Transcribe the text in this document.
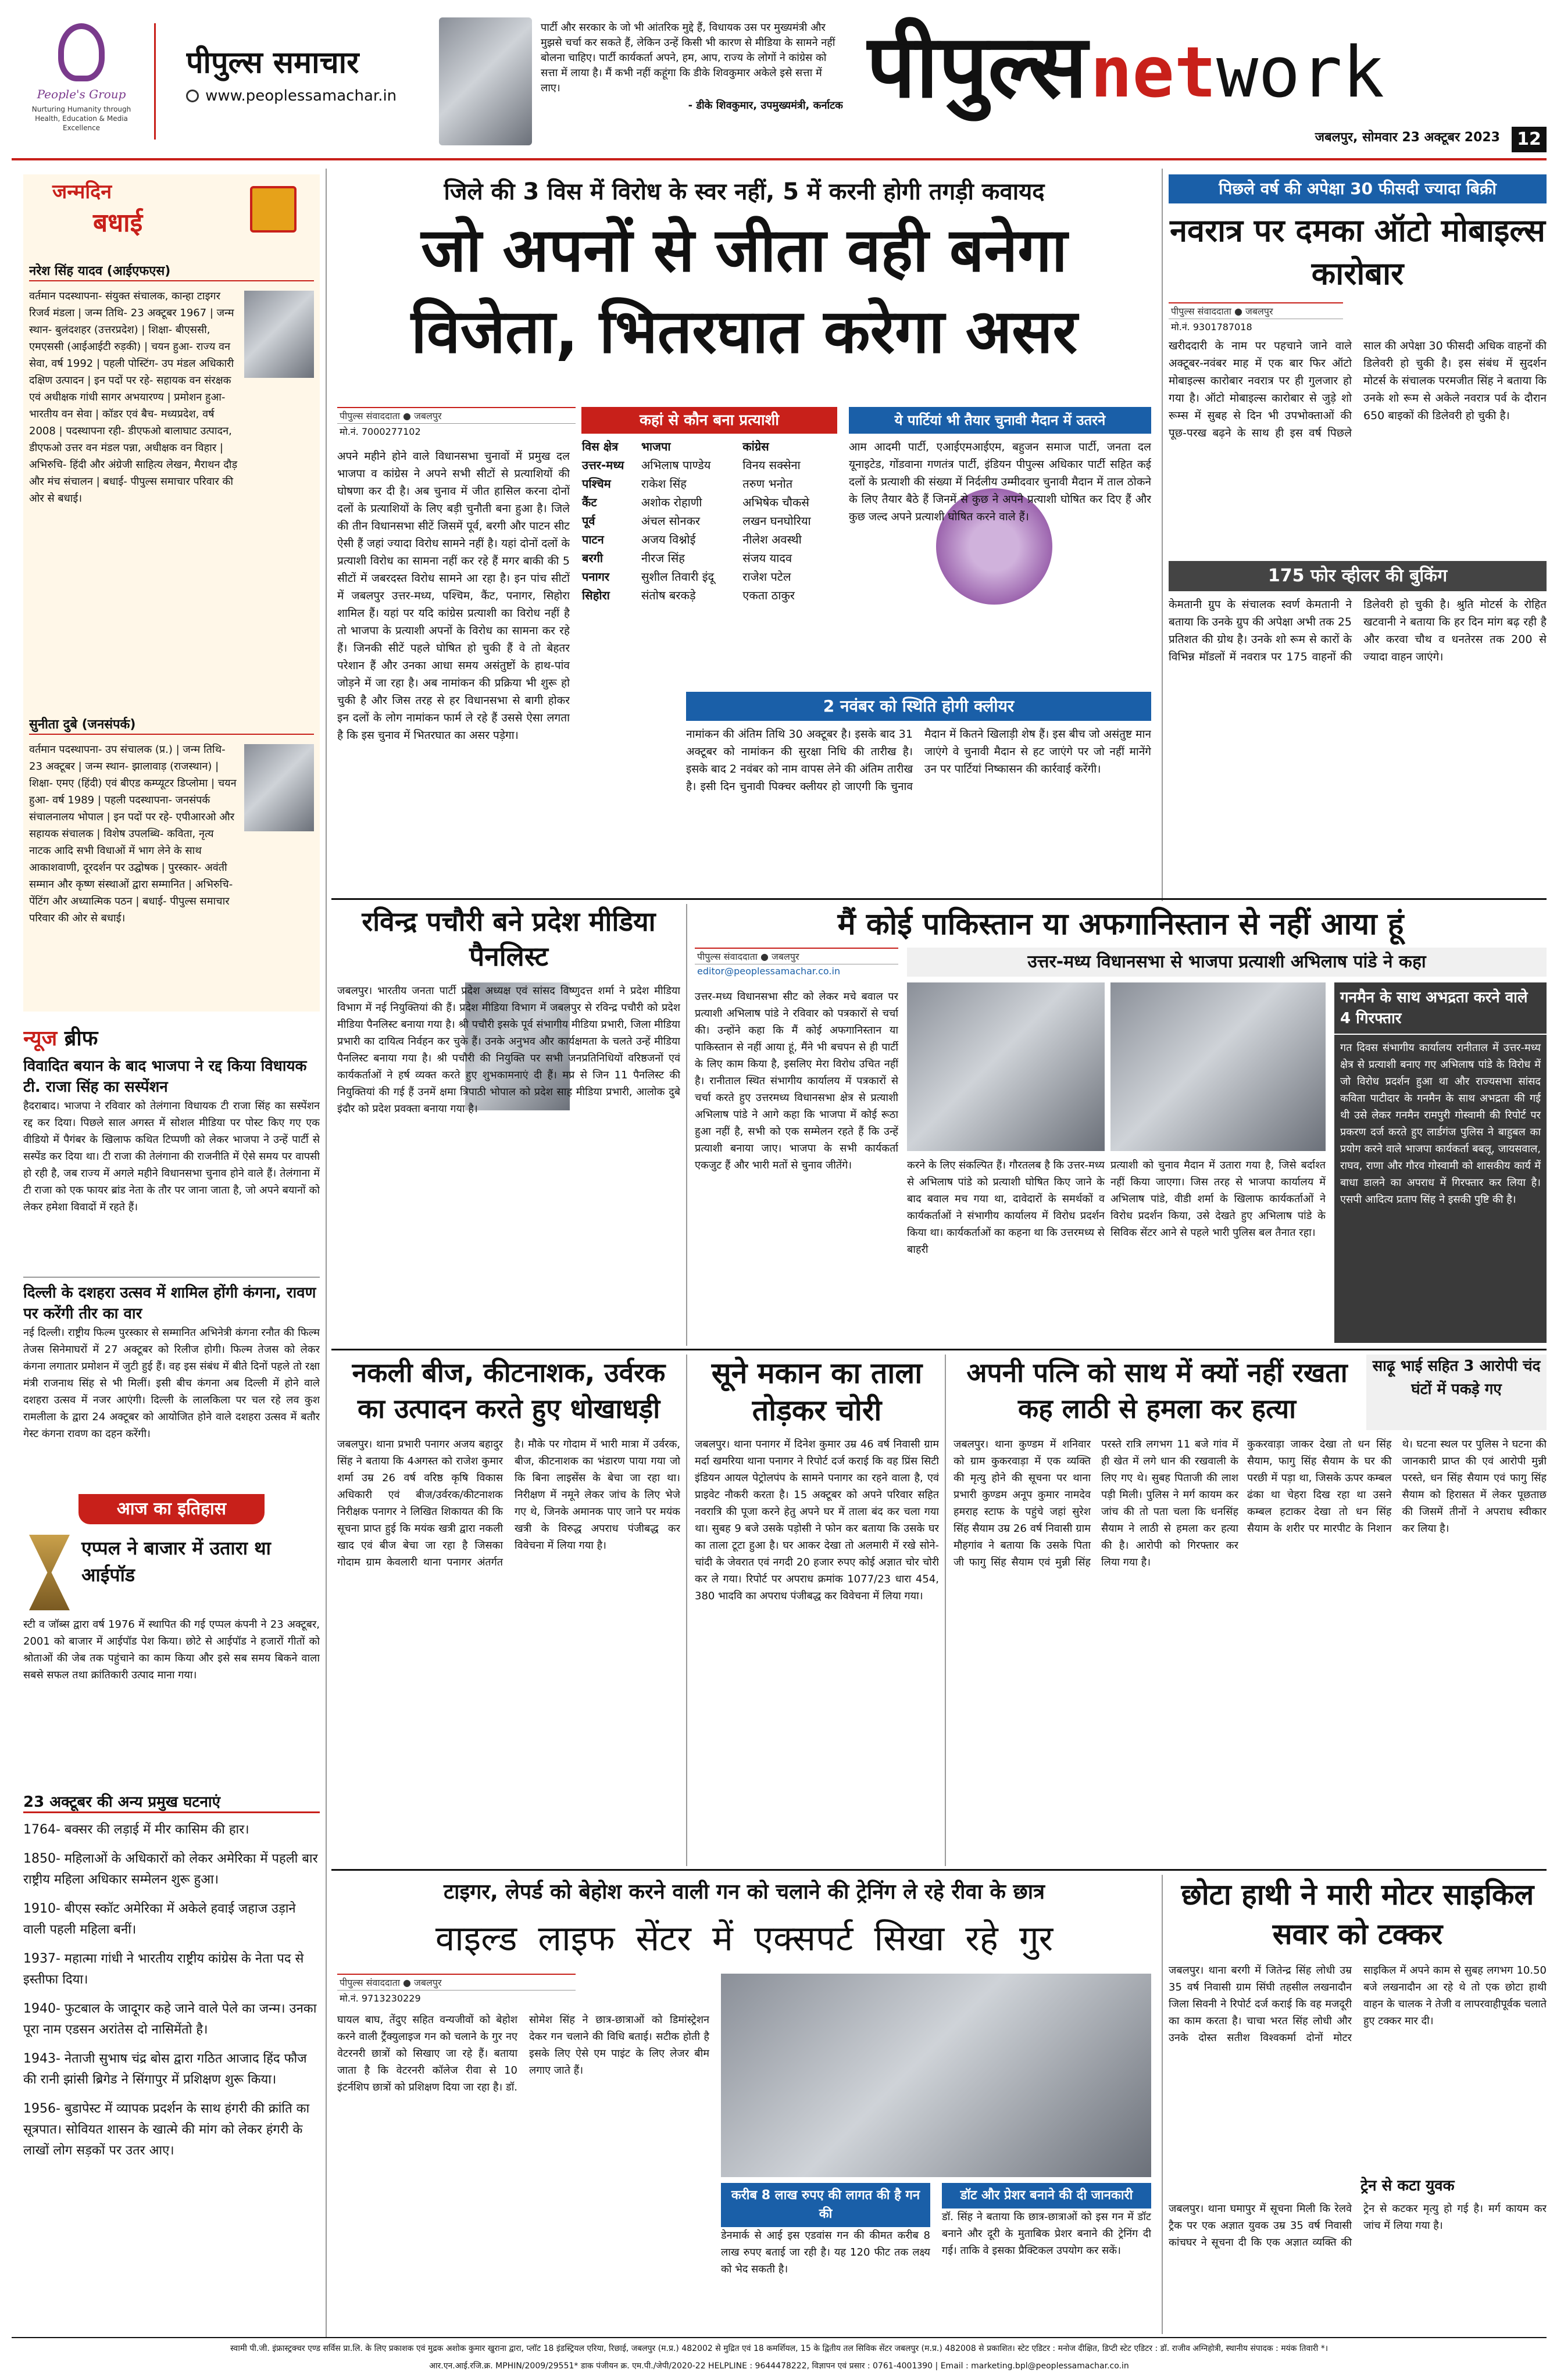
People's Group
Nurturing Humanity through Health, Education & Media Excellence
पीपुल्स समाचार
www.peoplessamachar.in
पार्टी और सरकार के जो भी आंतरिक मुद्दे हैं, विधायक उस पर मुख्यमंत्री और मुझसे चर्चा कर सकते हैं, लेकिन उन्हें किसी भी कारण से मीडिया के सामने नहीं बोलना चाहिए। पार्टी कार्यकर्ता अपने, हम, आप, राज्य के लोगों ने कांग्रेस को सत्ता में लाया है। मैं कभी नहीं कहूंगा कि डीके शिवकुमार अकेले इसे सत्ता में लाए।
- डीके शिवकुमार, उपमुख्यमंत्री, कर्नाटक पीपुल्स network
जबलपुर, सोमवार 23 अक्टूबर 2023 12
जन्मदिन
बधाई
नरेश सिंह यादव (आईएफएस)
वर्तमान पदस्थापना- संयुक्त संचालक, कान्हा टाइगर रिजर्व मंडला | जन्म तिथि- 23 अक्टूबर 1967 | जन्म स्थान- बुलंदशहर (उत्तरप्रदेश) | शिक्षा- बीएससी, एमएससी (आईआईटी रुड़की) | चयन हुआ- राज्य वन सेवा, वर्ष 1992 | पहली पोस्टिंग- उप मंडल अधिकारी दक्षिण उत्पादन | इन पदों पर रहे- सहायक वन संरक्षक एवं अधीक्षक गांधी सागर अभयारण्य | प्रमोशन हुआ- भारतीय वन सेवा | कॉडर एवं बैच- मध्यप्रदेश, वर्ष 2008 | पदस्थापना रही- डीएफओ बालाघाट उत्पादन, डीएफओ उत्तर वन मंडल पन्ना, अधीक्षक वन विहार | अभिरुचि- हिंदी और अंग्रेजी साहित्य लेखन, मैराथन दौड़ और मंच संचालन | बधाई- पीपुल्स समाचार परिवार की ओर से बधाई।
सुनीता दुबे (जनसंपर्क)
वर्तमान पदस्थापना- उप संचालक (प्र.) | जन्म तिथि- 23 अक्टूबर | जन्म स्थान- झालावाड़ (राजस्थान) | शिक्षा- एमए (हिंदी) एवं बीएड कम्प्यूटर डिप्लोमा | चयन हुआ- वर्ष 1989 | पहली पदस्थापना- जनसंपर्क संचालनालय भोपाल | इन पदों पर रहे- एपीआरओ और सहायक संचालक | विशेष उपलब्धि- कविता, नृत्य नाटक आदि सभी विधाओं में भाग लेने के साथ आकाशवाणी, दूरदर्शन पर उद्घोषक | पुरस्कार- अवंती सम्मान और कृष्ण संस्थाओं द्वारा सम्मानित | अभिरुचि- पेंटिंग और अध्यात्मिक पठन | बधाई- पीपुल्स समाचार परिवार की ओर से बधाई।
न्यूज ब्रीफ
विवादित बयान के बाद भाजपा ने रद्द किया विधायक टी. राजा सिंह का सस्पेंशन
हैदराबाद। भाजपा ने रविवार को तेलंगाना विधायक टी राजा सिंह का सस्पेंशन रद्द कर दिया। पिछले साल अगस्त में सोशल मीडिया पर पोस्ट किए गए एक वीडियो में पैगंबर के खिलाफ कथित टिप्पणी को लेकर भाजपा ने उन्हें पार्टी से सस्पेंड कर दिया था। टी राजा की तेलंगाना की राजनीति में ऐसे समय पर वापसी हो रही है, जब राज्य में अगले महीने विधानसभा चुनाव होने वाले हैं। तेलंगाना में टी राजा को एक फायर ब्रांड नेता के तौर पर जाना जाता है, जो अपने बयानों को लेकर हमेशा विवादों में रहते हैं।
दिल्ली के दशहरा उत्सव में शामिल होंगी कंगना, रावण पर करेंगी तीर का वार
नई दिल्ली। राष्ट्रीय फिल्म पुरस्कार से सम्मानित अभिनेत्री कंगना रनौत की फिल्म तेजस सिनेमाघरों में 27 अक्टूबर को रिलीज होगी। फिल्म तेजस को लेकर कंगना लगातार प्रमोशन में जुटी हुई हैं। वह इस संबंध में बीते दिनों पहले तो रक्षा मंत्री राजनाथ सिंह से भी मिलीं। इसी बीच कंगना अब दिल्ली में होने वाले दशहरा उत्सव में नजर आएंगी। दिल्ली के लालकिला पर चल रहे लव कुश रामलीला के द्वारा 24 अक्टूबर को आयोजित होने वाले दशहरा उत्सव में बतौर गेस्ट कंगना रावण का दहन करेंगी।
आज का इतिहास
एप्पल ने बाजार में उतारा था आईपॉड
स्टी व जॉब्स द्वारा वर्ष 1976 में स्थापित की गई एप्पल कंपनी ने 23 अक्टूबर, 2001 को बाजार में आईपॉड पेश किया। छोटे से आईपॉड ने हजारों गीतों को श्रोताओं की जेब तक पहुंचाने का काम किया और इसे सब समय बिकने वाला सबसे सफल तथा क्रांतिकारी उत्पाद माना गया।
23 अक्टूबर की अन्य प्रमुख घटनाएं
1764- बक्सर की लड़ाई में मीर कासिम की हार।
1850- महिलाओं के अधिकारों को लेकर अमेरिका में पहली बार राष्ट्रीय महिला अधिकार सम्मेलन शुरू हुआ।
1910- बीएस स्कॉट अमेरिका में अकेले हवाई जहाज उड़ाने वाली पहली महिला बनीं।
1937- महात्मा गांधी ने भारतीय राष्ट्रीय कांग्रेस के नेता पद से इस्तीफा दिया।
1940- फुटबाल के जादूगर कहे जाने वाले पेले का जन्म। उनका पूरा नाम एडसन अरांतेस दो नासिमेंतो है।
1943- नेताजी सुभाष चंद्र बोस द्वारा गठित आजाद हिंद फौज की रानी झांसी ब्रिगेड ने सिंगापुर में प्रशिक्षण शुरू किया।
1956- बुडापेस्ट में व्यापक प्रदर्शन के साथ हंगरी की क्रांति का सूत्रपात। सोवियत शासन के खात्मे की मांग को लेकर हंगरी के लाखों लोग सड़कों पर उतर आए।
जिले की 3 विस में विरोध के स्वर नहीं, 5 में करनी होगी तगड़ी कवायद
जो अपनों से जीता वही बनेगा
विजेता, भितरघात करेगा असर
पीपुल्स संवाददाता ● जबलपुर
मो.नं. 7000277102
अपने महीने होने वाले विधानसभा चुनावों में प्रमुख दल भाजपा व कांग्रेस ने अपने सभी सीटों से प्रत्याशियों की घोषणा कर दी है। अब चुनाव में जीत हासिल करना दोनों दलों के प्रत्याशियों के लिए बड़ी चुनौती बना हुआ है। जिले की तीन विधानसभा सीटें जिसमें पूर्व, बरगी और पाटन सीट ऐसी हैं जहां ज्यादा विरोध सामने नहीं है। यहां दोनों दलों के प्रत्याशी विरोध का सामना नहीं कर रहे हैं मगर बाकी की 5 सीटों में जबरदस्त विरोध सामने आ रहा है। इन पांच सीटों में जबलपुर उत्तर-मध्य, पश्चिम, कैंट, पनागर, सिहोरा शामिल हैं। यहां पर यदि कांग्रेस प्रत्याशी का विरोध नहीं है तो भाजपा के प्रत्याशी अपनों के विरोध का सामना कर रहे हैं। जिनकी सीटें पहले घोषित हो चुकी हैं वे तो बेहतर परेशान हैं और उनका आधा समय असंतुष्टों के हाथ-पांव जोड़ने में जा रहा है। अब नामांकन की प्रक्रिया भी शुरू हो चुकी है और जिस तरह से हर विधानसभा से बागी होकर इन दलों के लोग नामांकन फार्म ले रहे हैं उससे ऐसा लगता है कि इस चुनाव में भितरघात का असर पड़ेगा।
कहां से कौन बना प्रत्याशी
विस क्षेत्र	भाजपा	कांग्रेस
उत्तर-मध्य	अभिलाष पाण्डेय	विनय सक्सेना
पश्चिम	राकेश सिंह	तरुण भनोत
कैंट	अशोक रोहाणी	अभिषेक चौकसे
पूर्व	अंचल सोनकर	लखन घनघोरिया
पाटन	अजय विश्नोई	नीलेश अवस्थी
बरगी	नीरज सिंह	संजय यादव
पनागर	सुशील तिवारी इंदू	राजेश पटेल
सिहोरा	संतोष बरकड़े	एकता ठाकुर
ये पार्टियां भी तैयार चुनावी मैदान में उतरने
आम आदमी पार्टी, एआईएमआईएम, बहुजन समाज पार्टी, जनता दल यूनाइटेड, गोंडवाना गणतंत्र पार्टी, इंडियन पीपुल्स अधिकार पार्टी सहित कई दलों के प्रत्याशी की संख्या में निर्दलीय उम्मीदवार चुनावी मैदान में ताल ठोकने के लिए तैयार बैठे हैं जिनमें से कुछ ने अपने प्रत्याशी घोषित कर दिए हैं और कुछ जल्द अपने प्रत्याशी घोषित करने वाले हैं।
2 नवंबर को स्थिति होगी क्लीयर
नामांकन की अंतिम तिथि 30 अक्टूबर है। इसके बाद 31 अक्टूबर को नामांकन की सुरक्षा निधि की तारीख है। इसके बाद 2 नवंबर को नाम वापस लेने की अंतिम तारीख है। इसी दिन चुनावी पिक्चर क्लीयर हो जाएगी कि चुनाव मैदान में कितने खिलाड़ी शेष हैं। इस बीच जो असंतुष्ट मान जाएंगे वे चुनावी मैदान से हट जाएंगे पर जो नहीं मानेंगे उन पर पार्टियां निष्कासन की कार्रवाई करेंगी।
पिछले वर्ष की अपेक्षा 30 फीसदी ज्यादा बिक्री
नवरात्र पर दमका ऑटो मोबाइल्स कारोबार
पीपुल्स संवाददाता ● जबलपुर
मो.नं. 9301787018
खरीददारी के नाम पर पहचाने जाने वाले अक्टूबर-नवंबर माह में एक बार फिर ऑटो मोबाइल्स कारोबार नवरात्र पर ही गुलजार हो गया है। ऑटो मोबाइल्स कारोबार से जुड़े शो रूम्स में सुबह से दिन भी उपभोक्ताओं की पूछ-परख बढ़ने के साथ ही इस वर्ष पिछले साल की अपेक्षा 30 फीसदी अधिक वाहनों की डिलेवरी हो चुकी है। इस संबंध में सुदर्शन मोटर्स के संचालक परमजीत सिंह ने बताया कि उनके शो रूम से अकेले नवरात्र पर्व के दौरान 650 बाइकों की डिलेवरी हो चुकी है।
175 फोर व्हीलर की बुकिंग
केमतानी ग्रुप के संचालक स्वर्ण केमतानी ने बताया कि उनके ग्रुप की अपेक्षा अभी तक 25 प्रतिशत की ग्रोथ है। उनके शो रूम से कारों के विभिन्न मॉडलों में नवरात्र पर 175 वाहनों की डिलेवरी हो चुकी है। श्रुति मोटर्स के रोहित खटवानी ने बताया कि हर दिन मांग बढ़ रही है और करवा चौथ व धनतेरस तक 200 से ज्यादा वाहन जाएंगे।
रविन्द्र पचौरी बने प्रदेश मीडिया पैनलिस्ट
जबलपुर। भारतीय जनता पार्टी प्रदेश अध्यक्ष एवं सांसद विष्णुदत्त शर्मा ने प्रदेश मीडिया विभाग में नई नियुक्तियां की हैं। प्रदेश मीडिया विभाग में जबलपुर से रविन्द्र पचौरी को प्रदेश मीडिया पैनलिस्ट बनाया गया है। श्री पचौरी इसके पूर्व संभागीय मीडिया प्रभारी, जिला मीडिया प्रभारी का दायित्व निर्वहन कर चुके हैं। उनके अनुभव और कार्यक्षमता के चलते उन्हें मीडिया पैनलिस्ट बनाया गया है। श्री पचौरी की नियुक्ति पर सभी जनप्रतिनिधियों वरिष्ठजनों एवं कार्यकर्ताओं ने हर्ष व्यक्त करते हुए शुभकामनाएं दी हैं। मप्र से जिन 11 पैनलिस्ट की नियुक्तियां की गई हैं उनमें क्षमा त्रिपाठी भोपाल को प्रदेश साह मीडिया प्रभारी, आलोक दुबे इंदौर को प्रदेश प्रवक्ता बनाया गया है।
मैं कोई पाकिस्तान या अफगानिस्तान से नहीं आया हूं
पीपुल्स संवाददाता ● जबलपुर
editor@peoplessamachar.co.in	उत्तर-मध्य विधानसभा से भाजपा प्रत्याशी अभिलाष पांडे ने कहा
उत्तर-मध्य विधानसभा सीट को लेकर मचे बवाल पर प्रत्याशी अभिलाष पांडे ने रविवार को पत्रकारों से चर्चा की। उन्होंने कहा कि मैं कोई अफगानिस्तान या पाकिस्तान से नहीं आया हूं, मैंने भी बचपन से ही पार्टी के लिए काम किया है, इसलिए मेरा विरोध उचित नहीं है। रानीताल स्थित संभागीय कार्यालय में पत्रकारों से चर्चा करते हुए उत्तरमध्य विधानसभा क्षेत्र से प्रत्याशी अभिलाष पांडे ने आगे कहा कि भाजपा में कोई रूठा हुआ नहीं है, सभी को एक सम्मेलन रहते हैं कि उन्हें प्रत्याशी बनाया जाए। भाजपा के सभी कार्यकर्ता एकजुट हैं और भारी मतों से चुनाव जीतेंगे।	करने के लिए संकल्पित हैं। गौरतलब है कि उत्तर-मध्य से अभिलाष पांडे को प्रत्याशी घोषित किए जाने के बाद बवाल मच गया था, दावेदारों के समर्थकों व कार्यकर्ताओं ने संभागीय कार्यालय में विरोध प्रदर्शन किया था। कार्यकर्ताओं का कहना था कि उत्तरमध्य से बाहरी
प्रत्याशी को चुनाव मैदान में उतारा गया है, जिसे बर्दाश्त नहीं किया जाएगा। जिस तरह से भाजपा कार्यालय में अभिलाष पांडे, वीडी शर्मा के खिलाफ कार्यकर्ताओं ने विरोध प्रदर्शन किया, उसे देखते हुए अभिलाष पांडे के सिविक सेंटर आने से पहले भारी पुलिस बल तैनात रहा।
गनमैन के साथ अभद्रता करने वाले 4 गिरफ्तार
गत दिवस संभागीय कार्यालय रानीताल में उत्तर-मध्य क्षेत्र से प्रत्याशी बनाए गए अभिलाष पांडे के विरोध में जो विरोध प्रदर्शन हुआ था और राज्यसभा सांसद कविता पाटीदार के गनमैन के साथ अभद्रता की गई थी उसे लेकर गनमैन रामपुरी गोस्वामी की रिपोर्ट पर प्रकरण दर्ज करते हुए लार्डगंज पुलिस ने बाहुबल का प्रयोग करने वाले भाजपा कार्यकर्ता बबलू, जायसवाल, राघव, राणा और गौरव गोस्वामी को शासकीय कार्य में बाधा डालने का अपराध में गिरफ्तार कर लिया है। एसपी आदित्य प्रताप सिंह ने इसकी पुष्टि की है।
नकली बीज, कीटनाशक, उर्वरक का उत्पादन करते हुए धोखाधड़ी
जबलपुर। थाना प्रभारी पनागर अजय बहादुर सिंह ने बताया कि 4अगस्त को राजेश कुमार शर्मा उम्र 26 वर्ष वरिष्ठ कृषि विकास अधिकारी एवं बीज/उर्वरक/कीटनाशक निरीक्षक पनागर ने लिखित शिकायत की कि सूचना प्राप्त हुई कि मयंक खत्री द्वारा नकली खाद एवं बीज बेचा जा रहा है जिसका गोदाम ग्राम केवलारी थाना पनागर अंतर्गत है। मौके पर गोदाम में भारी मात्रा में उर्वरक, बीज, कीटनाशक का भंडारण पाया गया जो कि बिना लाइसेंस के बेचा जा रहा था। निरीक्षण में नमूने लेकर जांच के लिए भेजे गए थे, जिनके अमानक पाए जाने पर मयंक खत्री के विरुद्ध अपराध पंजीबद्ध कर विवेचना में लिया गया है।
सूने मकान का ताला तोड़कर चोरी
जबलपुर। थाना पनागर में दिनेश कुमार उम्र 46 वर्ष निवासी ग्राम मर्दा खमरिया थाना पनागर ने रिपोर्ट दर्ज कराई कि वह प्रिंस सिटी इंडियन आयल पेट्रोलपंप के सामने पनागर का रहने वाला है, एवं प्राइवेट नौकरी करता है। 15 अक्टूबर को अपने परिवार सहित नवरात्रि की पूजा करने हेतु अपने घर में ताला बंद कर चला गया था। सुबह 9 बजे उसके पड़ोसी ने फोन कर बताया कि उसके घर का ताला टूटा हुआ है। घर आकर देखा तो अलमारी में रखे सोने-चांदी के जेवरात एवं नगदी 20 हजार रुपए कोई अज्ञात चोर चोरी कर ले गया। रिपोर्ट पर अपराध क्रमांक 1077/23 धारा 454, 380 भादवि का अपराध पंजीबद्ध कर विवेचना में लिया गया।
अपनी पत्नि को साथ में क्यों नहीं रखता कह लाठी से हमला कर हत्या
साढ़ू भाई सहित 3 आरोपी चंद घंटों में पकड़े गए
जबलपुर। थाना कुण्डम में शनिवार को ग्राम कुकरवाड़ा में एक व्यक्ति की मृत्यु होने की सूचना पर थाना प्रभारी कुण्डम अनूप कुमार नामदेव हमराह स्टाफ के पहुंचे जहां सुरेश सिंह सैयाम उम्र 26 वर्ष निवासी ग्राम मौहगांव ने बताया कि उसके पिता जी फागु सिंह सैयाम एवं मुन्नी सिंह परस्ते रात्रि लगभग 11 बजे गांव में ही खेत में लगे धान की रखवाली के लिए गए थे। सुबह पिताजी की लाश पड़ी मिली। पुलिस ने मर्ग कायम कर जांच की तो पता चला कि धनसिंह सैयाम ने लाठी से हमला कर हत्या की है। आरोपी को गिरफ्तार कर लिया गया है।
कुकरवाड़ा जाकर देखा तो धन सिंह सैयाम, फागु सिंह सैयाम के घर की परछी में पड़ा था, जिसके ऊपर कम्बल ढंका था चेहरा दिख रहा था उसने कम्बल हटाकर देखा तो धन सिंह सैयाम के शरीर पर मारपीट के निशान थे। घटना स्थल पर पुलिस ने घटना की जानकारी प्राप्त की एवं आरोपी मुन्नी परस्ते, धन सिंह सैयाम एवं फागु सिंह सैयाम को हिरासत में लेकर पूछताछ की जिसमें तीनों ने अपराध स्वीकार कर लिया है।
टाइगर, लेपर्ड को बेहोश करने वाली गन को चलाने की ट्रेनिंग ले रहे रीवा के छात्र
वाइल्ड लाइफ सेंटर में एक्सपर्ट सिखा रहे गुर
पीपुल्स संवाददाता ● जबलपुर
मो.नं. 9713230229
घायल बाघ, तेंदुए सहित वन्यजीवों को बेहोश करने वाली ट्रैंक्युलाइज गन को चलाने के गुर नए वेटरनरी छात्रों को सिखाए जा रहे हैं। बताया जाता है कि वेटरनरी कॉलेज रीवा से 10 इंटर्नशिप छात्रों को प्रशिक्षण दिया जा रहा है। डॉ. सोमेश सिंह ने छात्र-छात्राओं को डिमांस्ट्रेशन देकर गन चलाने की विधि बताई। सटीक होती है इसके लिए ऐसे एम पाइंट के लिए लेजर बीम लगाए जाते हैं।
करीब 8 लाख रुपए की लागत की है गन की
डेनमार्क से आई इस एडवांस गन की कीमत करीब 8 लाख रुपए बताई जा रही है। यह 120 फीट तक लक्ष्य को भेद सकती है।
डॉट और प्रेशर बनाने की दी जानकारी
डॉ. सिंह ने बताया कि छात्र-छात्राओं को इस गन में डॉट बनाने और दूरी के मुताबिक प्रेशर बनाने की ट्रेनिंग दी गई। ताकि वे इसका प्रैक्टिकल उपयोग कर सकें।
छोटा हाथी ने मारी मोटर साइकिल सवार को टक्कर
जबलपुर। थाना बरगी में जितेन्द्र सिंह लोधी उम्र 35 वर्ष निवासी ग्राम सिंघी तहसील लखनादौन जिला सिवनी ने रिपोर्ट दर्ज कराई कि वह मजदूरी का काम करता है। चाचा भरत सिंह लोधी और उनके दोस्त सतीश विश्वकर्मा दोनों मोटर साइकिल में अपने काम से सुबह लगभग 10.50 बजे लखनादौन आ रहे थे तो एक छोटा हाथी वाहन के चालक ने तेजी व लापरवाहीपूर्वक चलाते हुए टक्कर मार दी।
ट्रेन से कटा युवक
जबलपुर। थाना घमापुर में सूचना मिली कि रेलवे ट्रैक पर एक अज्ञात युवक उम्र 35 वर्ष निवासी कांचघर ने सूचना दी कि एक अज्ञात व्यक्ति की ट्रेन से कटकर मृत्यु हो गई है। मर्ग कायम कर जांच में लिया गया है।
स्वामी पी.जी. इंफ्रास्ट्रक्चर एण्ड सर्विस प्रा.लि. के लिए प्रकाशक एवं मुद्रक अशोक कुमार खुराना द्वारा, प्लॉट 18 इंडस्ट्रियल एरिया, रिछाई, जबलपुर (म.प्र.) 482002 से मुद्रित एवं 18 कमर्शियल, 15 के द्वितीय तल सिविक सेंटर जबलपुर (म.प्र.) 482008 से प्रकाशित। स्टेट एडिटर : मनोज दीक्षित, डिप्टी स्टेट एडिटर : डॉ. राजीव अग्निहोत्री, स्थानीय संपादक : मयंक तिवारी *।
आर.एन.आई.रजि.क्र. MPHIN/2009/29551* डाक पंजीयन क्र. एम.पी./जेपी/2020-22 HELPLINE : 9644478222, विज्ञापन एवं प्रसार : 0761-4001390 | Email : marketing.bpl@peoplessamachar.co.in
